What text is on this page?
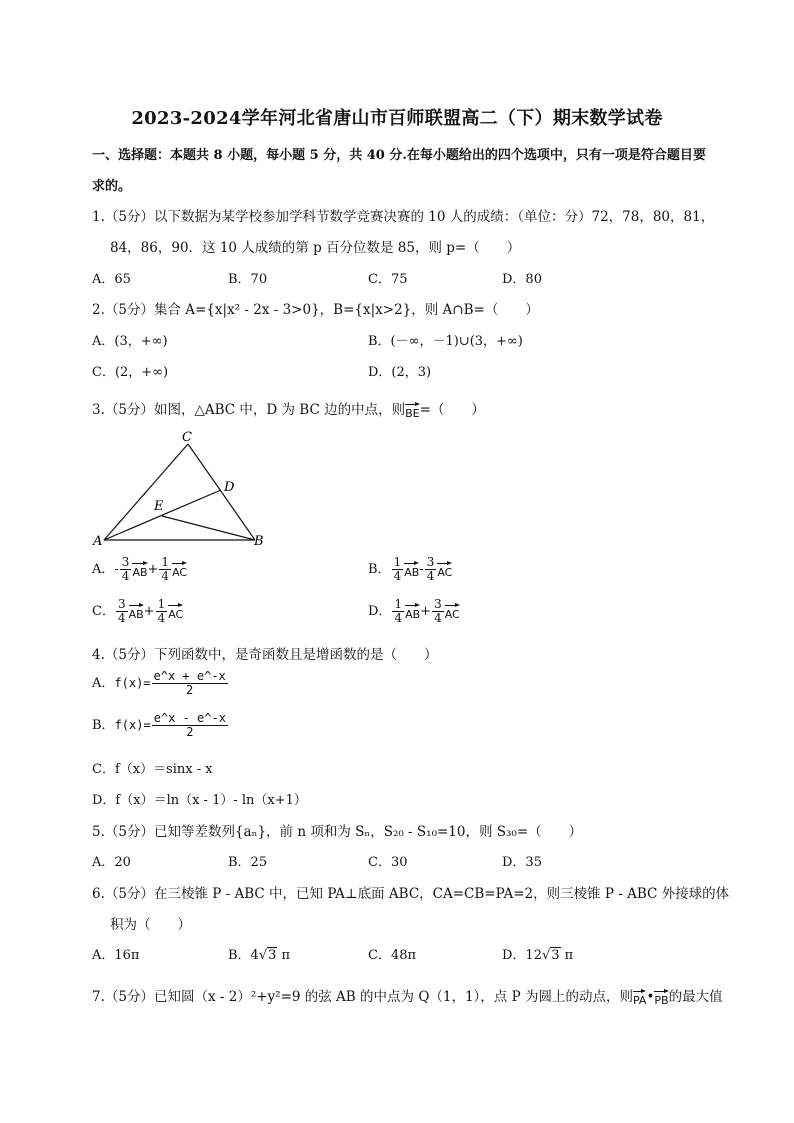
2023-2024学年河北省唐山市百师联盟高二（下）期末数学试卷
一、选择题：本题共 8 小题，每小题 5 分，共 40 分.在每小题给出的四个选项中，只有一项是符合题目要
求的。
1.（5分）以下数据为某学校参加学科节数学竞赛决赛的 10 人的成绩：（单位：分）72，78，80，81，
84，86，90．这 10 人成绩的第 p 百分位数是 85，则 p=（　　）
A．65	B．70	C．75	D．80
2.（5分）集合 A={x|x² - 2x - 3>0}，B={x|x>2}，则 A∩B=（　　）
A．(3，+∞)	B．(－∞，－1)∪(3，+∞)
C．(2，+∞)	D．(2，3)
3.（5分）如图，△ABC 中，D 为 BC 边的中点，则BE=（　　）
C
D
E
A	B
A．- $\frac{3}{4} AB+ \frac{1}{4}$ AC	B． $\frac{1}{4} AB- \frac{3}{4}$ AC
C． $\frac{3}{4} AB+ \frac{1}{4}$ AC	D． $\frac{1}{4} AB+ \frac{3}{4}$ AC
4.（5分）下列函数中，是奇函数且是增函数的是（　　）
A．$f(x)= \frac{e\^{}x + e\^{}-x}{2}$
B．$f(x)= \frac{e\^{}x - e\^{}-x}{2}$
C．f（x）＝sinx - x
D．f（x）＝ln（x - 1）- ln（x+1）
5.（5分）已知等差数列{aₙ}，前 n 项和为 Sₙ，S₂₀ - S₁₀=10，则 S₃₀=（　　）
A．20	B．25	C．30	D．35
6.（5分）在三棱锥 P - ABC 中，已知 PA⊥底面 ABC，CA=CB=PA=2，则三棱锥 P - ABC 外接球的体
积为（　　）
A．16π	B．4√3 π	C．48π	D．12√3 π
7.（5分）已知圆（x - 2）²+y²=9 的弦 AB 的中点为 Q（1，1），点 P 为圆上的动点，则PA•PB的最大值
